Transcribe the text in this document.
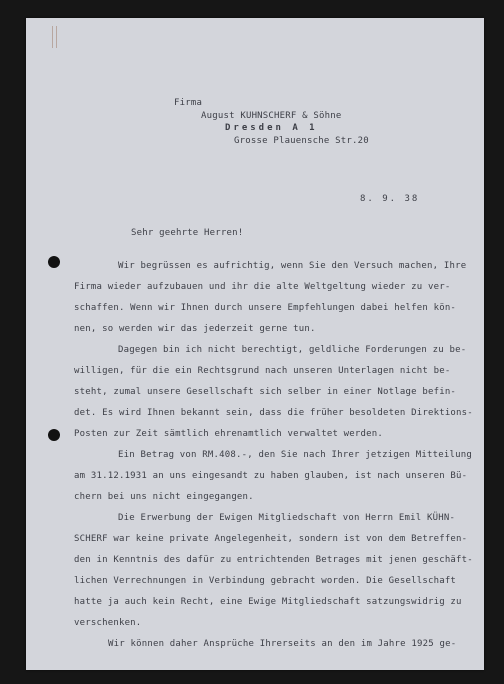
Firma
August KUHNSCHERF & Söhne
Dresden A 1
Grosse Plauensche Str.20
8. 9. 38
Sehr geehrte Herren!
Wir begrüssen es aufrichtig, wenn Sie den Versuch machen, Ihre
Firma wieder aufzubauen und ihr die alte Weltgeltung wieder zu ver-
schaffen. Wenn wir Ihnen durch unsere Empfehlungen dabei helfen kön-
nen, so werden wir das jederzeit gerne tun.
Dagegen bin ich nicht berechtigt, geldliche Forderungen zu be-
willigen, für die ein Rechtsgrund nach unseren Unterlagen nicht be-
steht, zumal unsere Gesellschaft sich selber in einer Notlage befin-
det. Es wird Ihnen bekannt sein, dass die früher besoldeten Direktions-
Posten zur Zeit sämtlich ehrenamtlich verwaltet werden.
Ein Betrag von RM.408.-, den Sie nach Ihrer jetzigen Mitteilung
am 31.12.1931 an uns eingesandt zu haben glauben, ist nach unseren Bü-
chern bei uns nicht eingegangen.
Die Erwerbung der Ewigen Mitgliedschaft von Herrn Emil KÜHN-
SCHERF war keine private Angelegenheit, sondern ist von dem Betreffen-
den in Kenntnis des dafür zu entrichtenden Betrages mit jenen geschäft-
lichen Verrechnungen in Verbindung gebracht worden. Die Gesellschaft
hatte ja auch kein Recht, eine Ewige Mitgliedschaft satzungswidrig zu
verschenken.
Wir können daher Ansprüche Ihrerseits an den im Jahre 1925 ge-
